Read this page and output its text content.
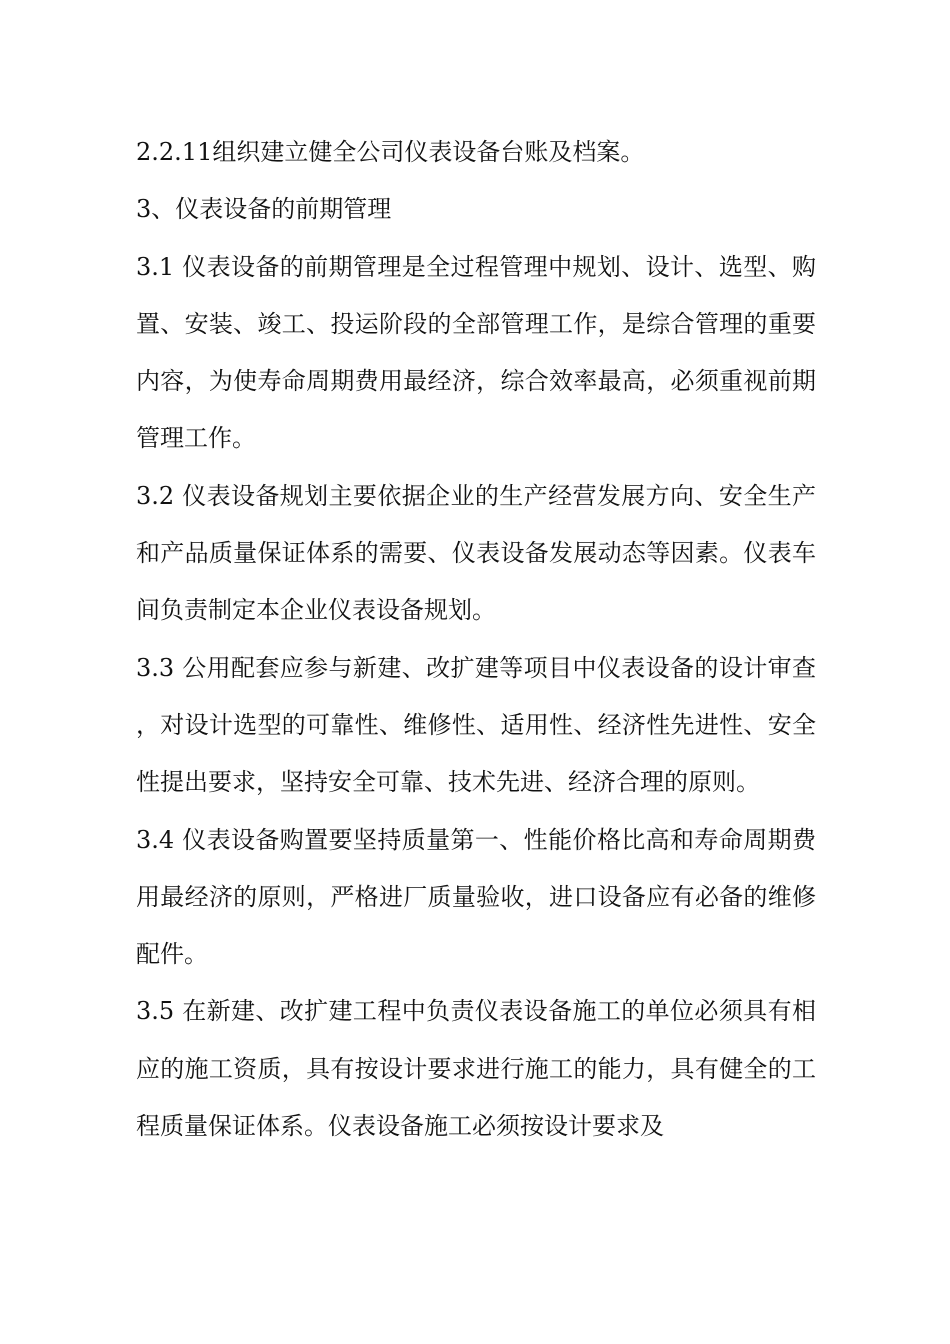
2.2.11组织建立健全公司仪表设备台账及档案。

3、仪表设备的前期管理

3.1 仪表设备的前期管理是全过程管理中规划、设计、选型、购置、安装、竣工、投运阶段的全部管理工作，是综合管理的重要内容，为使寿命周期费用最经济，综合效率最高，必须重视前期管理工作。

3.2 仪表设备规划主要依据企业的生产经营发展方向、安全生产和产品质量保证体系的需要、仪表设备发展动态等因素。仪表车间负责制定本企业仪表设备规划。

3.3 公用配套应参与新建、改扩建等项目中仪表设备的设计审查，对设计选型的可靠性、维修性、适用性、经济性先进性、安全性提出要求，坚持安全可靠、技术先进、经济合理的原则。

3.4 仪表设备购置要坚持质量第一、性能价格比高和寿命周期费用最经济的原则，严格进厂质量验收，进口设备应有必备的维修配件。

3.5 在新建、改扩建工程中负责仪表设备施工的单位必须具有相应的施工资质，具有按设计要求进行施工的能力，具有健全的工程质量保证体系。仪表设备施工必须按设计要求及
